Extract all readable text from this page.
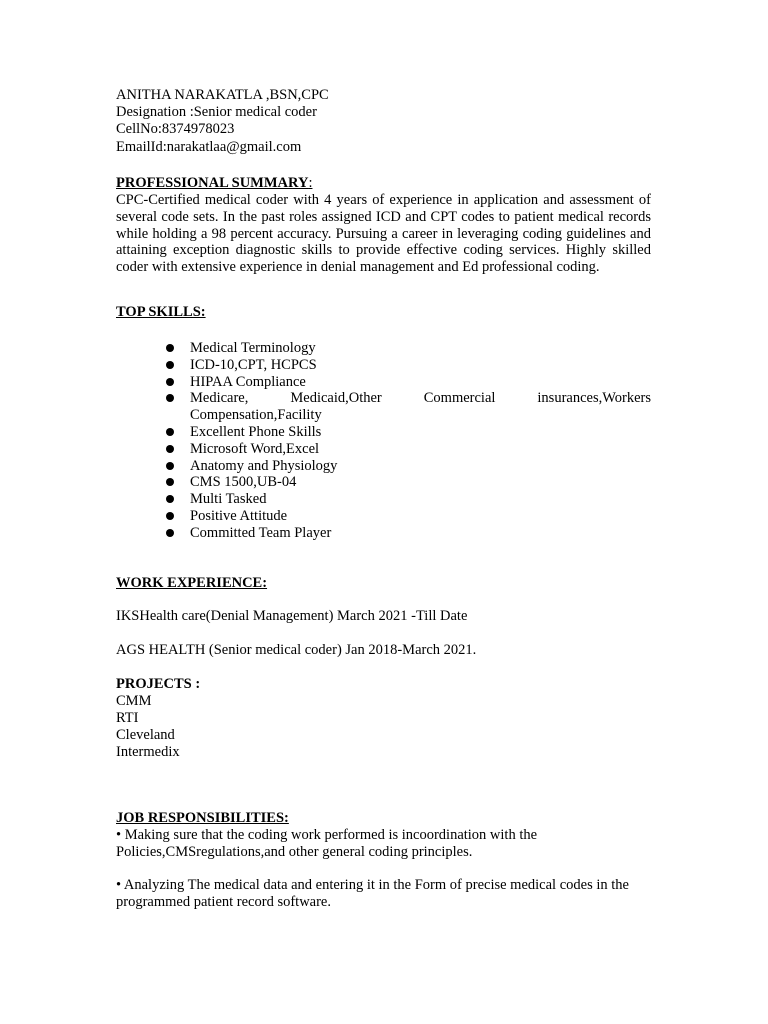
ANITHA NARAKATLA ,BSN,CPC
Designation :Senior medical coder
CellNo:8374978023
EmailId:narakatlaa@gmail.com
PROFESSIONAL SUMMARY:
CPC-Certified medical coder with 4 years of experience in application and assessment of several code sets. In the past roles assigned ICD and CPT codes to patient medical records while holding a 98 percent accuracy. Pursuing a career in leveraging coding guidelines and attaining exception diagnostic skills to provide effective coding services. Highly skilled coder with extensive experience in denial management and Ed professional coding.
TOP SKILLS:
Medical Terminology
ICD-10,CPT, HCPCS
HIPAA Compliance
Medicare,	Medicaid,Other	Commercial	insurances,Workers
Compensation,Facility
Excellent Phone Skills
Microsoft Word,Excel
Anatomy and Physiology
CMS 1500,UB-04
Multi Tasked
Positive Attitude
Committed Team Player
WORK EXPERIENCE:
IKSHealth care(Denial Management) March 2021 -Till Date
AGS HEALTH (Senior medical coder) Jan 2018-March 2021.
PROJECTS :
CMM
RTI
Cleveland
Intermedix
JOB RESPONSIBILITIES:
• Making sure that the coding work performed is incoordination with the Policies,CMSregulations,and other general coding principles.
• Analyzing The medical data and entering it in the Form of precise medical codes in the programmed patient record software.
